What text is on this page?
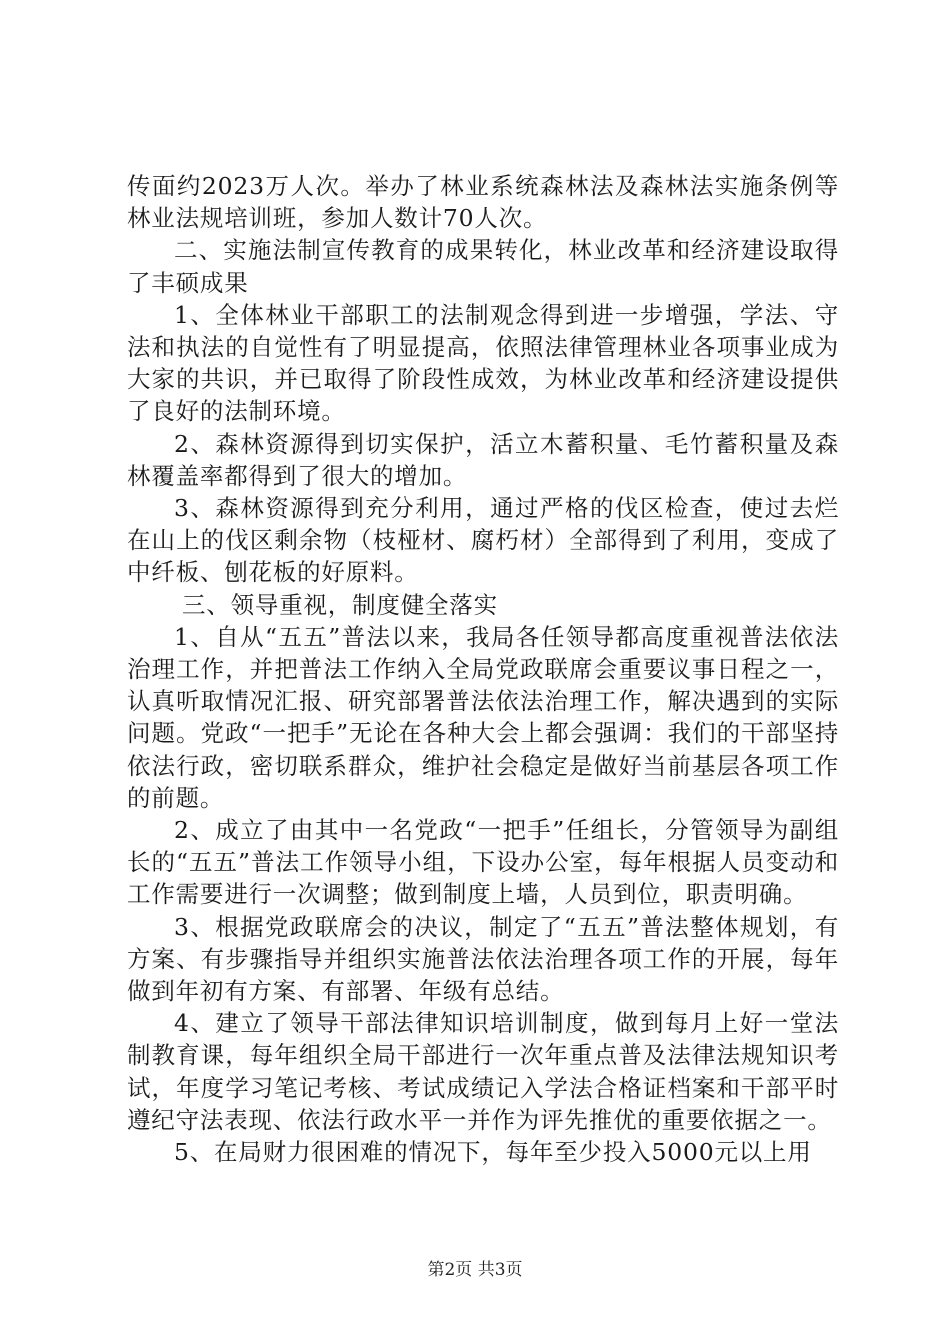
传面约2023万人次。举办了林业系统森林法及森林法实施条例等林业法规培训班，参加人数计70人次。

二、实施法制宣传教育的成果转化，林业改革和经济建设取得了丰硕成果

1、全体林业干部职工的法制观念得到进一步增强，学法、守法和执法的自觉性有了明显提高，依照法律管理林业各项事业成为大家的共识，并已取得了阶段性成效，为林业改革和经济建设提供了良好的法制环境。

2、森林资源得到切实保护，活立木蓄积量、毛竹蓄积量及森林覆盖率都得到了很大的增加。

3、森林资源得到充分利用，通过严格的伐区检查，使过去烂在山上的伐区剩余物（枝桠材、腐朽材）全部得到了利用，变成了中纤板、刨花板的好原料。

三、领导重视，制度健全落实

1、自从“五五”普法以来，我局各任领导都高度重视普法依法治理工作，并把普法工作纳入全局党政联席会重要议事日程之一，认真听取情况汇报、研究部署普法依法治理工作，解决遇到的实际问题。党政“一把手”无论在各种大会上都会强调：我们的干部坚持依法行政，密切联系群众，维护社会稳定是做好当前基层各项工作的前题。

2、成立了由其中一名党政“一把手”任组长，分管领导为副组长的“五五”普法工作领导小组，下设办公室，每年根据人员变动和工作需要进行一次调整；做到制度上墙，人员到位，职责明确。

3、根据党政联席会的决议，制定了“五五”普法整体规划，有方案、有步骤指导并组织实施普法依法治理各项工作的开展，每年做到年初有方案、有部署、年级有总结。

4、建立了领导干部法律知识培训制度，做到每月上好一堂法制教育课，每年组织全局干部进行一次年重点普及法律法规知识考试，年度学习笔记考核、考试成绩记入学法合格证档案和干部平时遵纪守法表现、依法行政水平一并作为评先推优的重要依据之一。

5、在局财力很困难的情况下，每年至少投入5000元以上用

第2页 共3页
